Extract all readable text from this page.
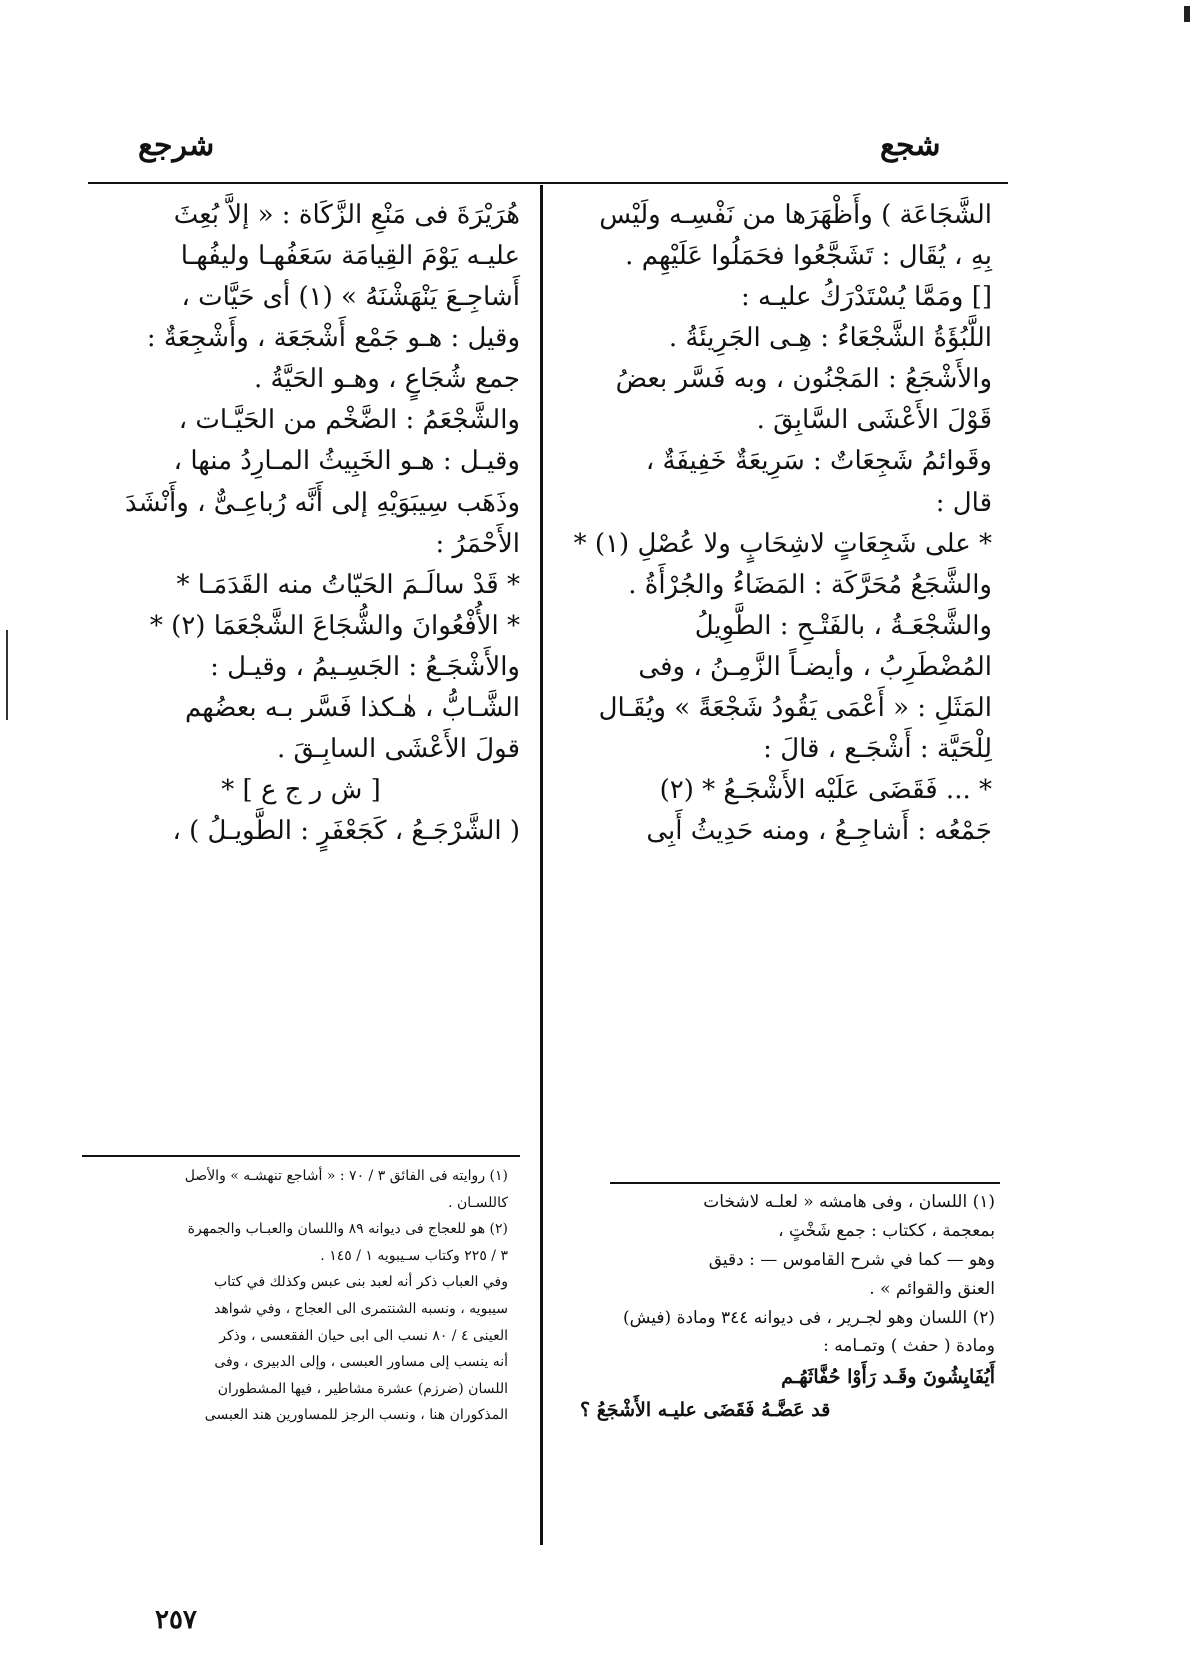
شجع
شرجع
الشَّجَاعَة ) وأَظْهَرَها من نَفْسِـه ولَيْس
بِهِ ، يُقَال : تَشَجَّعُوا فحَمَلُوا عَلَيْهِم .
[] ومَمَّا يُسْتَدْرَكُ عليـه :
اللَّبُؤَةُ الشَّجْعَاءُ : هِـى الجَرِيئَةُ .
والأَشْجَعُ : المَجْنُون ، وبه فَسَّر بعضُ
قَوْلَ الأَعْشَى السَّابِقَ .
وقَوائمُ شَجِعَاتٌ : سَرِيعَةٌ خَفِيفَةٌ ،
قال :
* على شَجِعَاتٍ لاشِحَابٍ ولا عُصْلِ (١) *
والشَّجَعُ مُحَرَّكَة : المَضَاءُ والجُرْأَةُ .
والشَّجْعَـةُ ، بالفَتْـحِ : الطَّوِيلُ
المُضْطَرِبُ ، وأيضـاً الزَّمِـنُ ، وفى
المَثَلِ : « أَعْمَى يَقُودُ شَجْعَةً » ويُقَـال
لِلْحَيَّة : أَشْجَـع ، قالَ :
* ... فَقَضَى عَلَيْه الأَشْجَـعُ * (٢)
جَمْعُه : أَشاجِـعُ ، ومنه حَدِيثُ أَبِى
هُرَيْرَةَ فى مَنْعِ الزَّكَاة : « إلاَّ بُعِثَ
عليـه يَوْمَ القِيامَة سَعَفُهـا وليفُهـا
أَشاجِـعَ يَنْهَشْنَهُ » (١) أى حَيَّات ،
وقيل : هـو جَمْع أَشْجَعَة ، وأَشْجِعَةٌ :
جمع شُجَاعٍ ، وهـو الحَيَّةُ .
والشَّجْعَمُ : الضَّخْم من الحَيَّـات ،
وقيـل : هـو الخَبِيثُ المـارِدُ منها ،
وذَهَب سِيبَوَيْهِ إلى أَنَّه رُباعِـىٌّ ، وأَنْشَدَ
الأَحْمَرُ :
* قَدْ سالَـمَ الحَيّاتُ منه القَدَمَـا *
* الأُفْعُوانَ والشُّجَاعَ الشَّجْعَمَا (٢) *
والأَشْجَـعُ : الجَسِـيمُ ، وقيـل :
الشَّـابُّ ، هٰـكذا فَسَّر بـه بعضُهم
قولَ الأَعْشَى السابِـقَ .
[ ش ر ج ع ] *
( الشَّرْجَـعُ ، كَجَعْفَرٍ : الطَّويـلُ ) ،
(١) اللسان ، وفى هامشه « لعلـه لاشخات
بمعجمة ، ككتاب : جمع شَخْتٍ ،
وهو — كما في شرح القاموس — : دقيق
العنق والقوائم » .
(٢) اللسان وهو لجـرير ، فى ديوانه ٣٤٤ ومادة (فيش)
ومادة ( حفث ) وتمـامه :
أَيُفَايِشُونَ وقَـد رَأَوْا حُفَّاثَهُـم
قد عَضَّـهُ فَقَضَى عليـه الأَشْجَعُ ؟
(١) روايته فى الفائق ٣ / ٧٠ : « أشاجع تنهشـه » والأصل
كاللسـان .
(٢) هو للعجاج فى ديوانه ٨٩ واللسان والعبـاب والجمهرة
٣ / ٢٢٥ وكتاب سـيبويه ١ / ١٤٥ .
وفي العباب ذكر أنه لعبد بنى عبس وكذلك في كتاب
سيبويه ، ونسبه الشنتمرى الى العجاج ، وفي شواهد
العينى ٤ / ٨٠ نسب الى ابى حيان الفقعسى ، وذكر
أنه ينسب إلى مساور العبسى ، وإلى الدبيرى ، وفى
اللسان (ضرزم) عشرة مشاطير ، فيها المشطوران
المذكوران هنا ، ونسب الرجز للمساورين هند العبسى
٢٥٧
